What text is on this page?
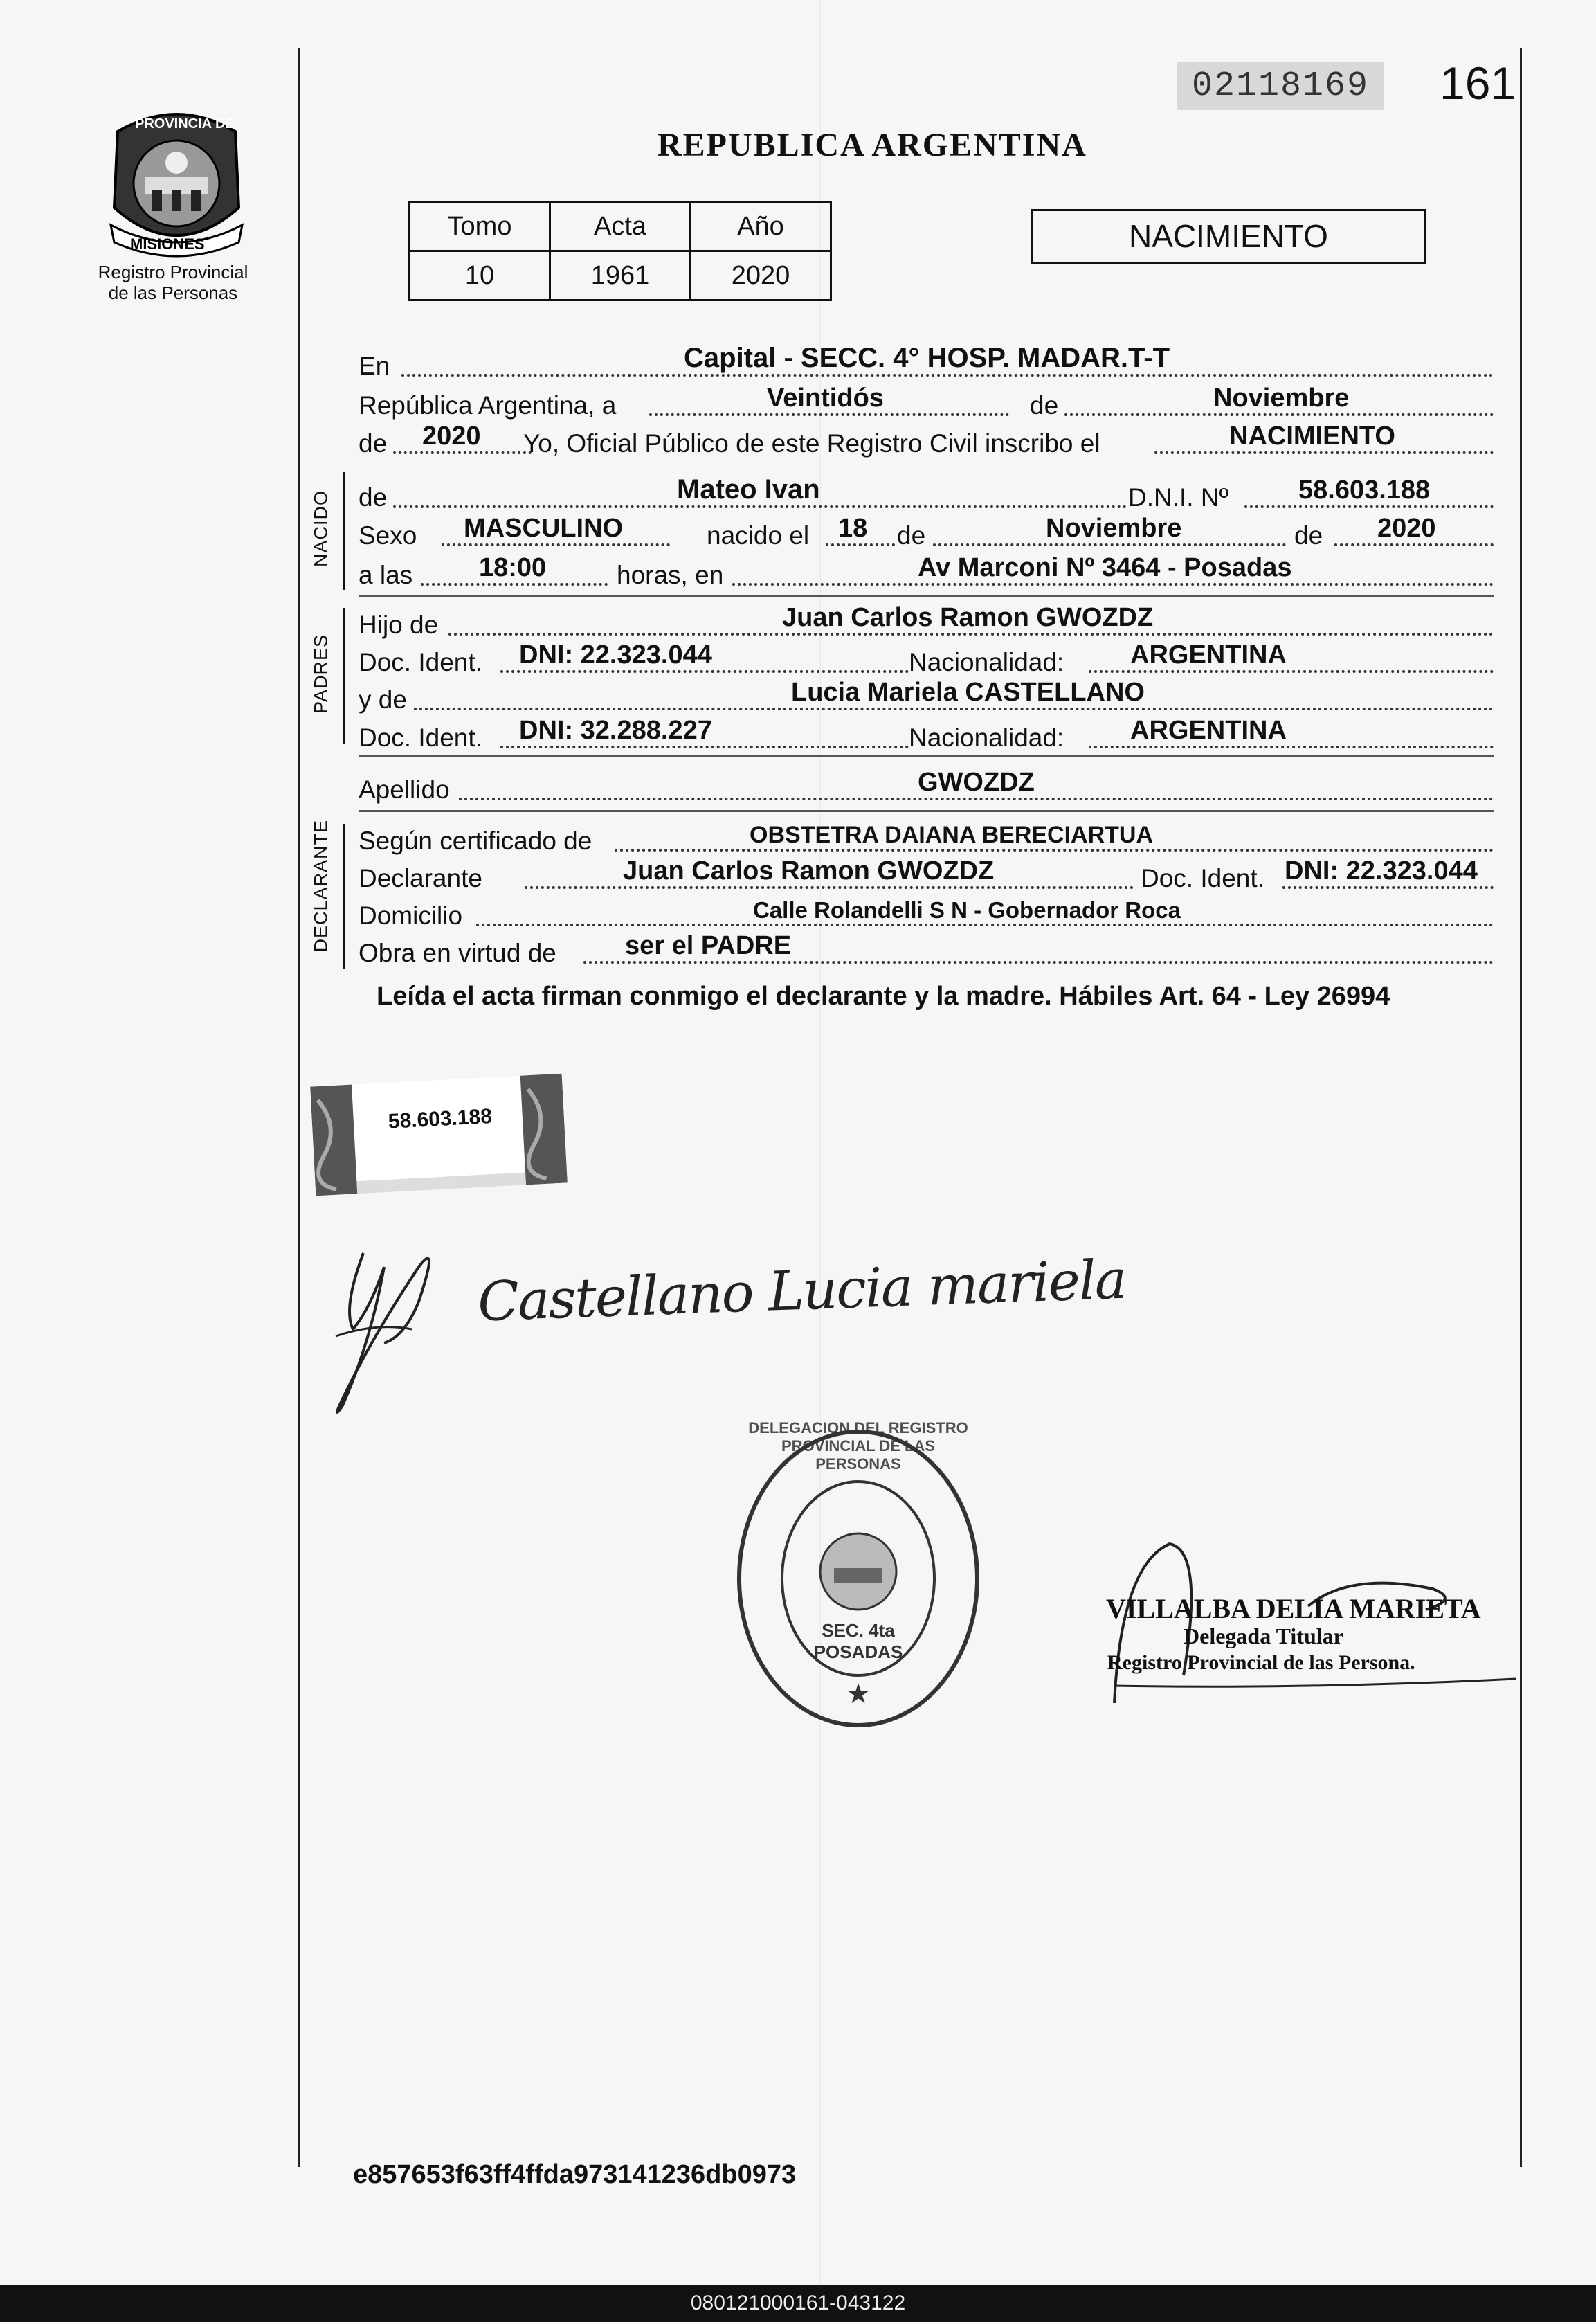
PROVINCIA DE
MISIONES
Registro Provincial
de las Personas
02118169	161
REPUBLICA ARGENTINA
Tomo	Acta	Año
10	1961	2020
NACIMIENTO
En	Capital - SECC. 4° HOSP. MADAR.T-T
República Argentina, a	Veintidós	de	Noviembre
de 2020 Yo, Oficial Público de este Registro Civil inscribo el	NACIMIENTO
NACIDO de	Mateo Ivan	D.N.I. Nº	58.603.188
Sexo MASCULINO	nacido el 18 de	Noviembre	de 2020
a las	18:00	horas, en	Av Marconi Nº 3464 - Posadas
PADRES
Hijo de	Juan Carlos Ramon GWOZDZ
Doc. Ident. DNI: 22.323.044	Nacionalidad:	ARGENTINA
y de	Lucia Mariela CASTELLANO
Doc. Ident. DNI: 32.288.227	Nacionalidad:	ARGENTINA
Apellido	GWOZDZ
DECLARANTE Según certificado de	OBSTETRA DAIANA BERECIARTUA
Declarante	Juan Carlos Ramon GWOZDZ	Doc. Ident. DNI: 22.323.044
Domicilio	Calle Rolandelli S N - Gobernador Roca
Obra en virtud de	ser el PADRE
Leída el acta firman conmigo el declarante y la madre. Hábiles Art. 64 - Ley 26994
58.603.188
Castellano Lucia mariela
★
DELEGACION DEL REGISTRO PROVINCIAL DE LAS PERSONAS
SEC. 4ta POSADAS
VILLALBA DELIA MARIETA
Delegada Titular
Registro Provincial de las Persona.
e857653f63ff4ffda973141236db0973
080121000161-043122
